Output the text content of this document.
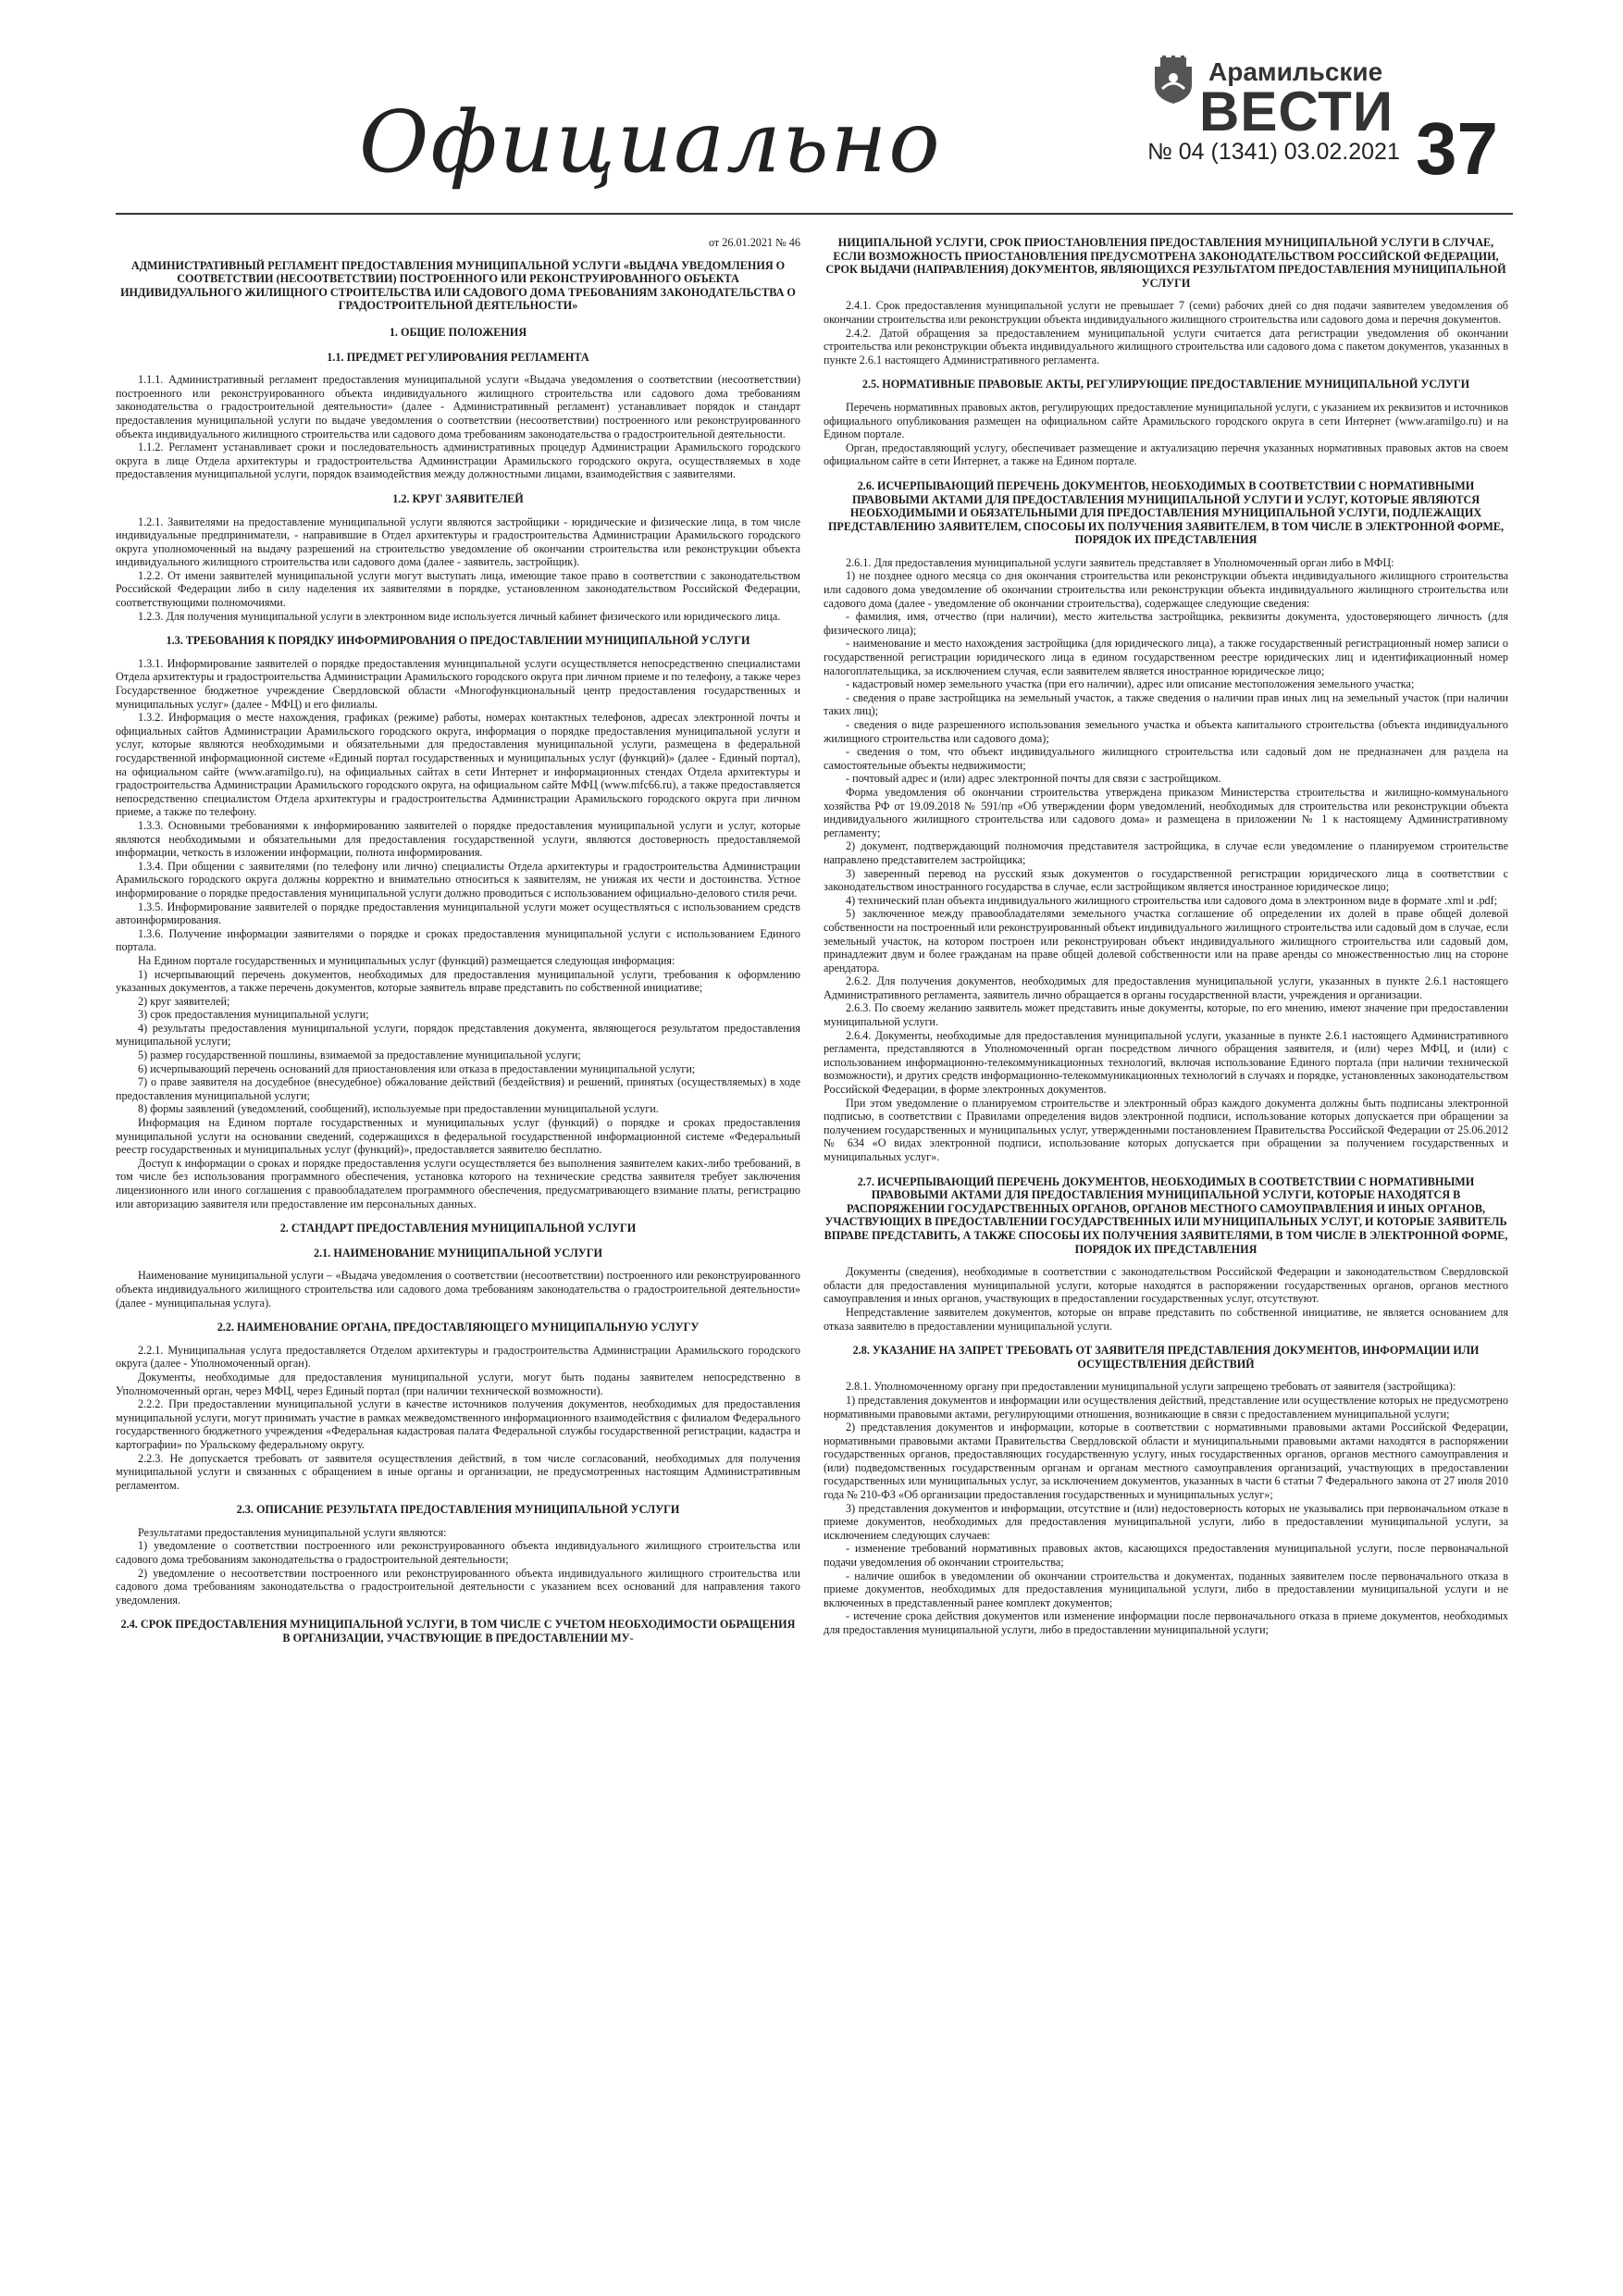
Официально
Арамильские
ВЕСТИ
№ 04 (1341) 03.02.2021 37
от 26.01.2021 № 46
АДМИНИСТРАТИВНЫЙ РЕГЛАМЕНТ ПРЕДОСТАВЛЕНИЯ МУНИЦИПАЛЬНОЙ УСЛУГИ «ВЫДАЧА УВЕДОМЛЕНИЯ О СООТВЕТСТВИИ (НЕСООТВЕТСТВИИ) ПОСТРОЕННОГО ИЛИ РЕКОНСТРУИРОВАННОГО ОБЪЕКТА ИНДИВИДУАЛЬНОГО ЖИЛИЩНОГО СТРОИТЕЛЬСТВА ИЛИ САДОВОГО ДОМА ТРЕБОВАНИЯМ ЗАКОНОДАТЕЛЬСТВА О ГРАДОСТРОИТЕЛЬНОЙ ДЕЯТЕЛЬНОСТИ»
1. ОБЩИЕ ПОЛОЖЕНИЯ
1.1. ПРЕДМЕТ РЕГУЛИРОВАНИЯ РЕГЛАМЕНТА

1.1.1. Административный регламент предоставления муниципальной услуги «Выдача уведомления о соответствии (несоответствии) построенного или реконструированного объекта индивидуального жилищного строительства или садового дома требованиям законодательства о градостроительной деятельности» (далее - Административный регламент) устанавливает порядок и стандарт предоставления муниципальной услуги по выдаче уведомления о соответствии (несоответствии) построенного или реконструированного объекта индивидуального жилищного строительства или садового дома требованиям законодательства о градостроительной деятельности.

1.1.2. Регламент устанавливает сроки и последовательность административных процедур Администрации Арамильского городского округа в лице Отдела архитектуры и градостроительства Администрации Арамильского городского округа, осуществляемых в ходе предоставления муниципальной услуги, порядок взаимодействия между должностными лицами, взаимодействия с заявителями.

1.2. КРУГ ЗАЯВИТЕЛЕЙ

1.2.1. Заявителями на предоставление муниципальной услуги являются застройщики - юридические и физические лица, в том числе индивидуальные предприниматели, - направившие в Отдел архитектуры и градостроительства Администрации Арамильского городского округа уполномоченный на выдачу разрешений на строительство уведомление об окончании строительства или реконструкции объекта индивидуального жилищного строительства или садового дома (далее - заявитель, застройщик).

1.2.2. От имени заявителей муниципальной услуги могут выступать лица, имеющие такое право в соответствии с законодательством Российской Федерации либо в силу наделения их заявителями в порядке, установленном законодательством Российской Федерации, соответствующими полномочиями.

1.2.3. Для получения муниципальной услуги в электронном виде используется личный кабинет физического или юридического лица.

1.3. ТРЕБОВАНИЯ К ПОРЯДКУ ИНФОРМИРОВАНИЯ О ПРЕДОСТАВЛЕНИИ МУНИЦИПАЛЬНОЙ УСЛУГИ

1.3.1. Информирование заявителей о порядке предоставления муниципальной услуги осуществляется непосредственно специалистами Отдела архитектуры и градостроительства Администрации Арамильского городского округа при личном приеме и по телефону, а также через Государственное бюджетное учреждение Свердловской области «Многофункциональный центр предоставления государственных и муниципальных услуг» (далее - МФЦ) и его филиалы.

1.3.2. Информация о месте нахождения, графиках (режиме) работы, номерах контактных телефонов, адресах электронной почты и официальных сайтов Администрации Арамильского городского округа, информация о порядке предоставления муниципальной услуги и услуг, которые являются необходимыми и обязательными для предоставления муниципальной услуги, размещена в федеральной государственной информационной системе «Единый портал государственных и муниципальных услуг (функций)» (далее - Единый портал), на официальном сайте (www.aramilgo.ru), на официальных сайтах в сети Интернет и информационных стендах Отдела архитектуры и градостроительства Администрации Арамильского городского округа, на официальном сайте МФЦ (www.mfc66.ru), а также предоставляется непосредственно специалистом Отдела архитектуры и градостроительства Администрации Арамильского городского округа при личном приеме, а также по телефону.

1.3.3. Основными требованиями к информированию заявителей о порядке предоставления муниципальной услуги и услуг, которые являются необходимыми и обязательными для предоставления государственной услуги, являются достоверность предоставляемой информации, четкость в изложении информации, полнота информирования.

1.3.4. При общении с заявителями (по телефону или лично) специалисты Отдела архитектуры и градостроительства Администрации Арамильского городского округа должны корректно и внимательно относиться к заявителям, не унижая их чести и достоинства. Устное информирование о порядке предоставления муниципальной услуги должно проводиться с использованием официально-делового стиля речи.

1.3.5. Информирование заявителей о порядке предоставления муниципальной услуги может осуществляться с использованием средств автоинформирования.

1.3.6. Получение информации заявителями о порядке и сроках предоставления муниципальной услуги с использованием Единого портала.

На Едином портале государственных и муниципальных услуг (функций) размещается следующая информация:

1) исчерпывающий перечень документов, необходимых для предоставления муниципальной услуги, требования к оформлению указанных документов, а также перечень документов, которые заявитель вправе представить по собственной инициативе;

2) круг заявителей;

3) срок предоставления муниципальной услуги;

4) результаты предоставления муниципальной услуги, порядок представления документа, являющегося результатом предоставления муниципальной услуги;

5) размер государственной пошлины, взимаемой за предоставление муниципальной услуги;

6) исчерпывающий перечень оснований для приостановления или отказа в предоставлении муниципальной услуги;

7) о праве заявителя на досудебное (внесудебное) обжалование действий (бездействия) и решений, принятых (осуществляемых) в ходе предоставления муниципальной услуги;

8) формы заявлений (уведомлений, сообщений), используемые при предоставлении муниципальной услуги.

Информация на Едином портале государственных и муниципальных услуг (функций) о порядке и сроках предоставления муниципальной услуги на основании сведений, содержащихся в федеральной государственной информационной системе «Федеральный реестр государственных и муниципальных услуг (функций)», предоставляется заявителю бесплатно.

Доступ к информации о сроках и порядке предоставления услуги осуществляется без выполнения заявителем каких-либо требований, в том числе без использования программного обеспечения, установка которого на технические средства заявителя требует заключения лицензионного или иного соглашения с правообладателем программного обеспечения, предусматривающего взимание платы, регистрацию или авторизацию заявителя или предоставление им персональных данных.

2. СТАНДАРТ ПРЕДОСТАВЛЕНИЯ МУНИЦИПАЛЬНОЙ УСЛУГИ
2.1. НАИМЕНОВАНИЕ МУНИЦИПАЛЬНОЙ УСЛУГИ

Наименование муниципальной услуги – «Выдача уведомления о соответствии (несоответствии) построенного или реконструированного объекта индивидуального жилищного строительства или садового дома требованиям законодательства о градостроительной деятельности» (далее - муниципальная услуга).

2.2. НАИМЕНОВАНИЕ ОРГАНА, ПРЕДОСТАВЛЯЮЩЕГО МУНИЦИПАЛЬНУЮ УСЛУГУ

2.2.1. Муниципальная услуга предоставляется Отделом архитектуры и градостроительства Администрации Арамильского городского округа (далее - Уполномоченный орган).

Документы, необходимые для предоставления муниципальной услуги, могут быть поданы заявителем непосредственно в Уполномоченный орган, через МФЦ, через Единый портал (при наличии технической возможности).

2.2.2. При предоставлении муниципальной услуги в качестве источников получения документов, необходимых для предоставления муниципальной услуги, могут принимать участие в рамках межведомственного информационного взаимодействия с филиалом Федерального государственного бюджетного учреждения «Федеральная кадастровая палата Федеральной службы государственной регистрации, кадастра и картографии» по Уральскому федеральному округу.

2.2.3. Не допускается требовать от заявителя осуществления действий, в том числе согласований, необходимых для получения муниципальной услуги и связанных с обращением в иные органы и организации, не предусмотренных настоящим Административным регламентом.

2.3. ОПИСАНИЕ РЕЗУЛЬТАТА ПРЕДОСТАВЛЕНИЯ МУНИЦИПАЛЬНОЙ УСЛУГИ

Результатами предоставления муниципальной услуги являются:

1) уведомление о соответствии построенного или реконструированного объекта индивидуального жилищного строительства или садового дома требованиям законодательства о градостроительной деятельности;

2) уведомление о несоответствии построенного или реконструированного объекта индивидуального жилищного строительства или садового дома требованиям законодательства о градостроительной деятельности с указанием всех оснований для направления такого уведомления.

2.4. СРОК ПРЕДОСТАВЛЕНИЯ МУНИЦИПАЛЬНОЙ УСЛУГИ, В ТОМ ЧИСЛЕ С УЧЕТОМ НЕОБХОДИМОСТИ ОБРАЩЕНИЯ В ОРГАНИЗАЦИИ, УЧАСТВУЮЩИЕ В ПРЕДОСТАВЛЕНИИ МУ-
НИЦИПАЛЬНОЙ УСЛУГИ, СРОК ПРИОСТАНОВЛЕНИЯ ПРЕДОСТАВЛЕНИЯ МУНИЦИПАЛЬНОЙ УСЛУГИ В СЛУЧАЕ, ЕСЛИ ВОЗМОЖНОСТЬ ПРИОСТАНОВЛЕНИЯ ПРЕДУСМОТРЕНА ЗАКОНОДАТЕЛЬСТВОМ РОССИЙСКОЙ ФЕДЕРАЦИИ, СРОК ВЫДАЧИ (НАПРАВЛЕНИЯ) ДОКУМЕНТОВ, ЯВЛЯЮЩИХСЯ РЕЗУЛЬТАТОМ ПРЕДОСТАВЛЕНИЯ МУНИЦИПАЛЬНОЙ УСЛУГИ

2.4.1. Срок предоставления муниципальной услуги не превышает 7 (семи) рабочих дней со дня подачи заявителем уведомления об окончании строительства или реконструкции объекта индивидуального жилищного строительства или садового дома и перечня документов.

2.4.2. Датой обращения за предоставлением муниципальной услуги считается дата регистрации уведомления об окончании строительства или реконструкции объекта индивидуального жилищного строительства или садового дома с пакетом документов, указанных в пункте 2.6.1 настоящего Административного регламента.

2.5. НОРМАТИВНЫЕ ПРАВОВЫЕ АКТЫ, РЕГУЛИРУЮЩИЕ ПРЕДОСТАВЛЕНИЕ МУНИЦИПАЛЬНОЙ УСЛУГИ

Перечень нормативных правовых актов, регулирующих предоставление муниципальной услуги, с указанием их реквизитов и источников официального опубликования размещен на официальном сайте Арамильского городского округа в сети Интернет (www.aramilgo.ru) и на Едином портале.

Орган, предоставляющий услугу, обеспечивает размещение и актуализацию перечня указанных нормативных правовых актов на своем официальном сайте в сети Интернет, а также на Едином портале.

2.6. ИСЧЕРПЫВАЮЩИЙ ПЕРЕЧЕНЬ ДОКУМЕНТОВ, НЕОБХОДИМЫХ В СООТВЕТСТВИИ С НОРМАТИВНЫМИ ПРАВОВЫМИ АКТАМИ ДЛЯ ПРЕДОСТАВЛЕНИЯ МУНИЦИПАЛЬНОЙ УСЛУГИ И УСЛУГ, КОТОРЫЕ ЯВЛЯЮТСЯ НЕОБХОДИМЫМИ И ОБЯЗАТЕЛЬНЫМИ ДЛЯ ПРЕДОСТАВЛЕНИЯ МУНИЦИПАЛЬНОЙ УСЛУГИ, ПОДЛЕЖАЩИХ ПРЕДСТАВЛЕНИЮ ЗАЯВИТЕЛЕМ, СПОСОБЫ ИХ ПОЛУЧЕНИЯ ЗАЯВИТЕЛЕМ, В ТОМ ЧИСЛЕ В ЭЛЕКТРОННОЙ ФОРМЕ, ПОРЯДОК ИХ ПРЕДСТАВЛЕНИЯ

2.6.1. Для предоставления муниципальной услуги заявитель представляет в Уполномоченный орган либо в МФЦ:

1) не позднее одного месяца со дня окончания строительства или реконструкции объекта индивидуального жилищного строительства или садового дома уведомление об окончании строительства или реконструкции объекта индивидуального жилищного строительства или садового дома (далее - уведомление об окончании строительства), содержащее следующие сведения:

- фамилия, имя, отчество (при наличии), место жительства застройщика, реквизиты документа, удостоверяющего личность (для физического лица);

- наименование и место нахождения застройщика (для юридического лица), а также государственный регистрационный номер записи о государственной регистрации юридического лица в едином государственном реестре юридических лиц и идентификационный номер налогоплательщика, за исключением случая, если заявителем является иностранное юридическое лицо;

- кадастровый номер земельного участка (при его наличии), адрес или описание местоположения земельного участка;

- сведения о праве застройщика на земельный участок, а также сведения о наличии прав иных лиц на земельный участок (при наличии таких лиц);

- сведения о виде разрешенного использования земельного участка и объекта капитального строительства (объекта индивидуального жилищного строительства или садового дома);

- сведения о том, что объект индивидуального жилищного строительства или садовый дом не предназначен для раздела на самостоятельные объекты недвижимости;

- почтовый адрес и (или) адрес электронной почты для связи с застройщиком.

Форма уведомления об окончании строительства утверждена приказом Министерства строительства и жилищно-коммунального хозяйства РФ от 19.09.2018 № 591/пр «Об утверждении форм уведомлений, необходимых для строительства или реконструкции объекта индивидуального жилищного строительства или садового дома» и размещена в приложении № 1 к настоящему Административному регламенту;

2) документ, подтверждающий полномочия представителя застройщика, в случае если уведомление о планируемом строительстве направлено представителем застройщика;

3) заверенный перевод на русский язык документов о государственной регистрации юридического лица в соответствии с законодательством иностранного государства в случае, если застройщиком является иностранное юридическое лицо;

4) технический план объекта индивидуального жилищного строительства или садового дома в электронном виде в формате .xml и .pdf;

5) заключенное между правообладателями земельного участка соглашение об определении их долей в праве общей долевой собственности на построенный или реконструированный объект индивидуального жилищного строительства или садовый дом в случае, если земельный участок, на котором построен или реконструирован объект индивидуального жилищного строительства или садовый дом, принадлежит двум и более гражданам на праве общей долевой собственности или на праве аренды со множественностью лиц на стороне арендатора.

2.6.2. Для получения документов, необходимых для предоставления муниципальной услуги, указанных в пункте 2.6.1 настоящего Административного регламента, заявитель лично обращается в органы государственной власти, учреждения и организации.

2.6.3. По своему желанию заявитель может представить иные документы, которые, по его мнению, имеют значение при предоставлении муниципальной услуги.

2.6.4. Документы, необходимые для предоставления муниципальной услуги, указанные в пункте 2.6.1 настоящего Административного регламента, представляются в Уполномоченный орган посредством личного обращения заявителя, и (или) через МФЦ, и (или) с использованием информационно-телекоммуникационных технологий, включая использование Единого портала (при наличии технической возможности), и других средств информационно-телекоммуникационных технологий в случаях и порядке, установленных законодательством Российской Федерации, в форме электронных документов.

При этом уведомление о планируемом строительстве и электронный образ каждого документа должны быть подписаны электронной подписью, в соответствии с Правилами определения видов электронной подписи, использование которых допускается при обращении за получением государственных и муниципальных услуг, утвержденными постановлением Правительства Российской Федерации от 25.06.2012 № 634 «О видах электронной подписи, использование которых допускается при обращении за получением государственных и муниципальных услуг».

2.7. ИСЧЕРПЫВАЮЩИЙ ПЕРЕЧЕНЬ ДОКУМЕНТОВ, НЕОБХОДИМЫХ В СООТВЕТСТВИИ С НОРМАТИВНЫМИ ПРАВОВЫМИ АКТАМИ ДЛЯ ПРЕДОСТАВЛЕНИЯ МУНИЦИПАЛЬНОЙ УСЛУГИ, КОТОРЫЕ НАХОДЯТСЯ В РАСПОРЯЖЕНИИ ГОСУДАРСТВЕННЫХ ОРГАНОВ, ОРГАНОВ МЕСТНОГО САМОУПРАВЛЕНИЯ И ИНЫХ ОРГАНОВ, УЧАСТВУЮЩИХ В ПРЕДОСТАВЛЕНИИ ГОСУДАРСТВЕННЫХ ИЛИ МУНИЦИПАЛЬНЫХ УСЛУГ, И КОТОРЫЕ ЗАЯВИТЕЛЬ ВПРАВЕ ПРЕДСТАВИТЬ, А ТАКЖЕ СПОСОБЫ ИХ ПОЛУЧЕНИЯ ЗАЯВИТЕЛЯМИ, В ТОМ ЧИСЛЕ В ЭЛЕКТРОННОЙ ФОРМЕ, ПОРЯДОК ИХ ПРЕДСТАВЛЕНИЯ

Документы (сведения), необходимые в соответствии с законодательством Российской Федерации и законодательством Свердловской области для предоставления муниципальной услуги, которые находятся в распоряжении государственных органов, органов местного самоуправления и иных органов, участвующих в предоставлении государственных услуг, отсутствуют.

Непредставление заявителем документов, которые он вправе представить по собственной инициативе, не является основанием для отказа заявителю в предоставлении муниципальной услуги.

2.8. УКАЗАНИЕ НА ЗАПРЕТ ТРЕБОВАТЬ ОТ ЗАЯВИТЕЛЯ ПРЕДСТАВЛЕНИЯ ДОКУМЕНТОВ, ИНФОРМАЦИИ ИЛИ ОСУЩЕСТВЛЕНИЯ ДЕЙСТВИЙ

2.8.1. Уполномоченному органу при предоставлении муниципальной услуги запрещено требовать от заявителя (застройщика):

1) представления документов и информации или осуществления действий, представление или осуществление которых не предусмотрено нормативными правовыми актами, регулирующими отношения, возникающие в связи с предоставлением муниципальной услуги;

2) представления документов и информации, которые в соответствии с нормативными правовыми актами Российской Федерации, нормативными правовыми актами Правительства Свердловской области и муниципальными правовыми актами находятся в распоряжении государственных органов, предоставляющих государственную услугу, иных государственных органов, органов местного самоуправления и (или) подведомственных государственным органам и органам местного самоуправления организаций, участвующих в предоставлении государственных или муниципальных услуг, за исключением документов, указанных в части 6 статьи 7 Федерального закона от 27 июля 2010 года № 210-ФЗ «Об организации предоставления государственных и муниципальных услуг»;

3) представления документов и информации, отсутствие и (или) недостоверность которых не указывались при первоначальном отказе в приеме документов, необходимых для предоставления муниципальной услуги, либо в предоставлении муниципальной услуги, за исключением следующих случаев:

- изменение требований нормативных правовых актов, касающихся предоставления муниципальной услуги, после первоначальной подачи уведомления об окончании строительства;

- наличие ошибок в уведомлении об окончании строительства и документах, поданных заявителем после первоначального отказа в приеме документов, необходимых для предоставления муниципальной услуги, либо в предоставлении муниципальной услуги и не включенных в представленный ранее комплект документов;

- истечение срока действия документов или изменение информации после первоначального отказа в приеме документов, необходимых для предоставления муниципальной услуги, либо в предоставлении муниципальной услуги;
